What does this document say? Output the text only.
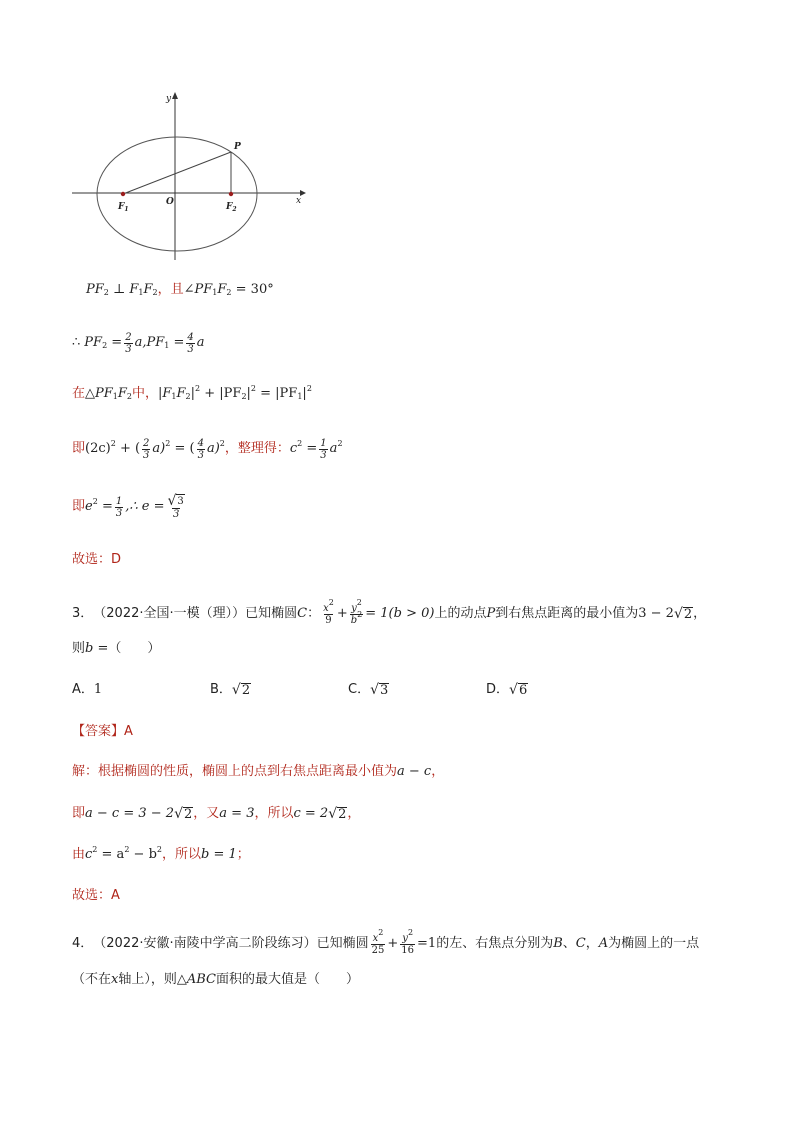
y
x
O
P
$F_1$	$F_2$
$PF_2$ ⊥ $F_1F_2$ ，且 $\angle PF_1F_2 = 30^\circ$
∴ $PF_2 = \frac{2}{3} a,PF_1 = \frac{4}{3}$ a
在 $\triangle PF_1F_2$ 中， $|F_1F_2|^2 + |PF_2|^2 = |PF_1|^2$
即 $(2c)^2$ + ( $\frac{2}{3} a)^2$ = ( $\frac{4}{3} a)^2$ ，整理得： $c^2 = \frac{1}{3} a^2$
即 $e^2 = \frac{1}{3}$ ,∴ $e = \frac{√ 3}{3}$
故选：D
3． （2022·全国·一模（理）） 已知椭圆 C ： $\frac{x^2}{9} + \frac{y^2}{b^2} = 1(b > 0)$ 上的动点 P 到右焦点距离的最小值为 3 − 2 √ 2 ，
则 b = （　　）
A． 1	B． √ 2	C． √ 3	D． √ 6
【答案】A
解：根据椭圆的性质，椭圆上的点到右焦点距离最小值为 a − c ，
即 a − c = 3 − 2 √ 2 ，又 a = 3 ，所以 c = 2 √ 2 ，
由 $c^2 = a^2 - b^2$ ，所以 b = 1 ；
故选：A
4． （2022·安徽·南陵中学高二阶段练习） 已知椭圆 $\frac{x^2}{25} + \frac{y^2}{16} =1$ 的左、右焦点分别为 B 、 C ， A 为椭圆上的一点
（不在 x 轴上），则 △ABC 面积的最大值是（　　）
